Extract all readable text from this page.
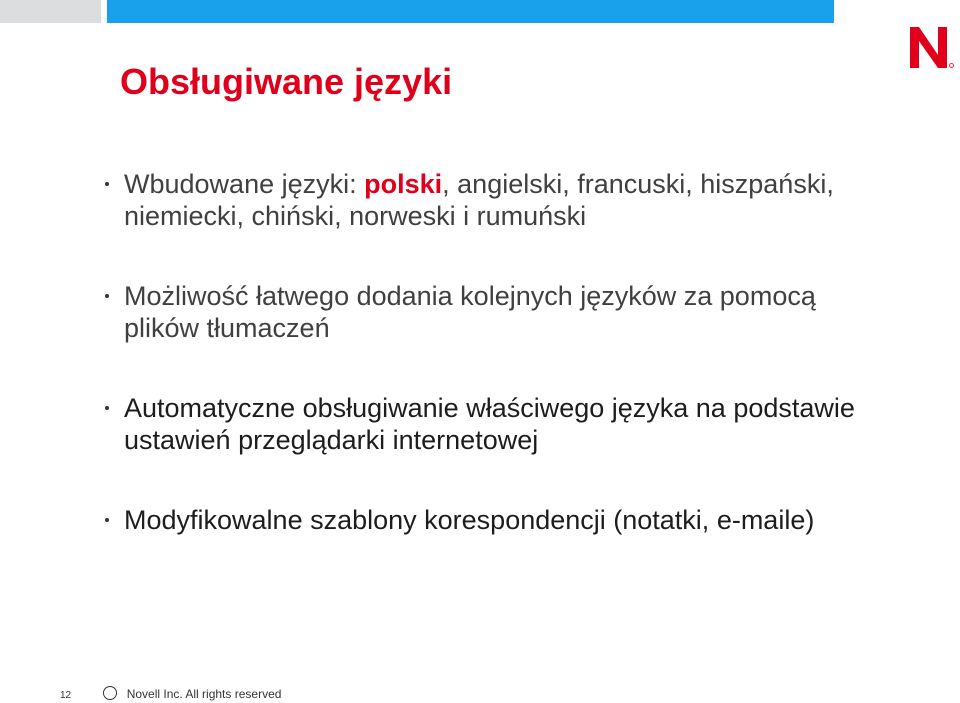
Obsługiwane języki
Wbudowane języki: polski, angielski, francuski, hiszpański, niemiecki, chiński, norweski i rumuński
Możliwość łatwego dodania kolejnych języków za pomocą plików tłumaczeń
Automatyczne obsługiwanie właściwego języka na podstawie ustawień przeglądarki internetowej
Modyfikowalne szablony korespondencji (notatki, e-maile)
12	Novell Inc. All rights reserved
